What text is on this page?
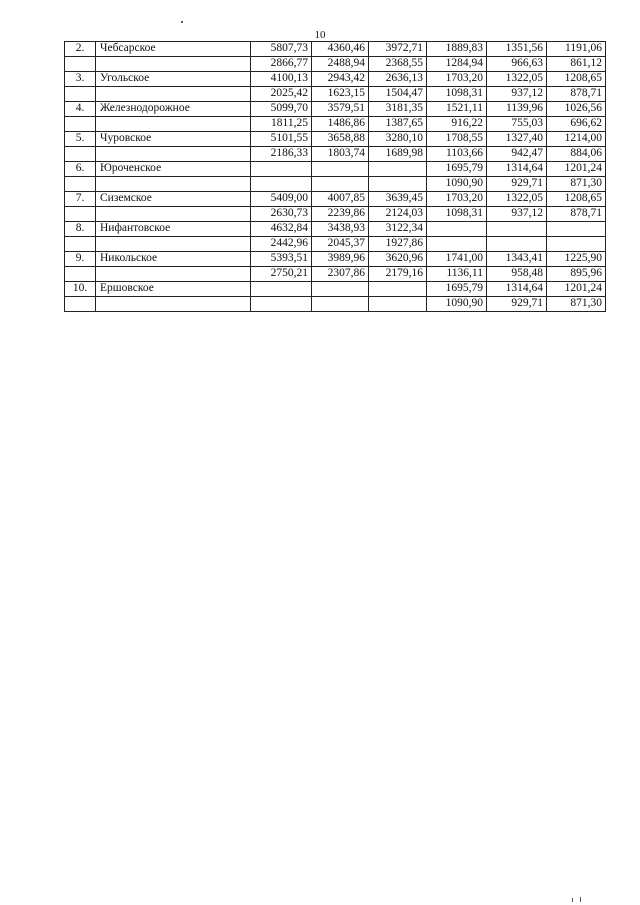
10
2.	Чебсарское	5807,73	4360,46	3972,71	1889,83	1351,56	1191,06
		2866,77	2488,94	2368,55	1284,94	966,63	861,12
3.	Угольское	4100,13	2943,42	2636,13	1703,20	1322,05	1208,65
		2025,42	1623,15	1504,47	1098,31	937,12	878,71
4.	Железнодорожное	5099,70	3579,51	3181,35	1521,11	1139,96	1026,56
		1811,25	1486,86	1387,65	916,22	755,03	696,62
5.	Чуровское	5101,55	3658,88	3280,10	1708,55	1327,40	1214,00
		2186,33	1803,74	1689,98	1103,66	942,47	884,06
6.	Юроченское				1695,79	1314,64	1201,24
					1090,90	929,71	871,30
7.	Сиземское	5409,00	4007,85	3639,45	1703,20	1322,05	1208,65
		2630,73	2239,86	2124,03	1098,31	937,12	878,71
8.	Нифантовское	4632,84	3438,93	3122,34			
		2442,96	2045,37	1927,86			
9.	Никольское	5393,51	3989,96	3620,96	1741,00	1343,41	1225,90
		2750,21	2307,86	2179,16	1136,11	958,48	895,96
10.	Ершовское				1695,79	1314,64	1201,24
					1090,90	929,71	871,30
